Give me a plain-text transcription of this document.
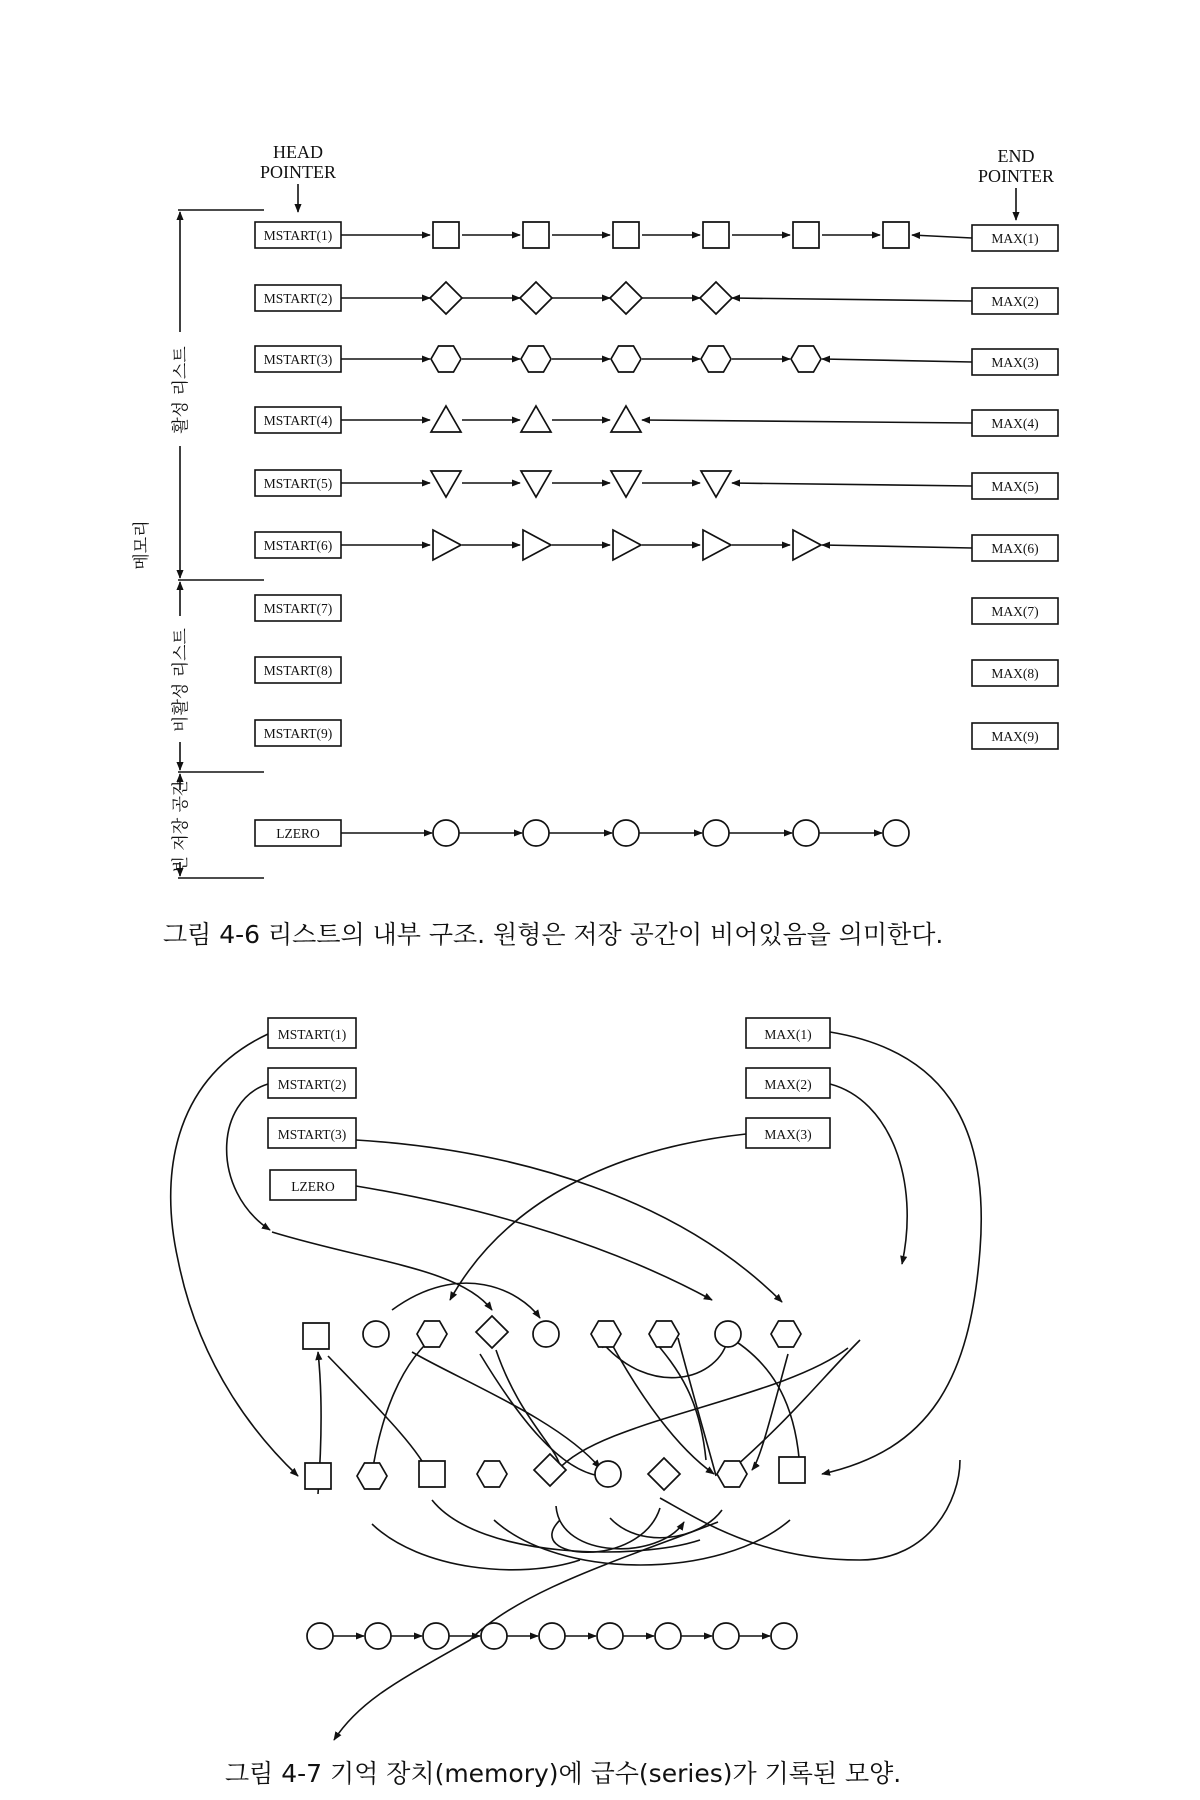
HEAD
POINTER
END
POINTER
MSTART(1)	MAX(1)
MSTART(2)	MAX(2)
MSTART(3)	MAX(3)
MSTART(4)	MAX(4)
MSTART(5)	MAX(5)
MSTART(6)	MAX(6)
MSTART(7)	MAX(7)
MSTART(8)	MAX(8)
MSTART(9)	MAX(9)
LZERO
활성 리스트
비활성 리스트
메모리
빈 저장 공간
그림 4-6 리스트의 내부 구조. 원형은 저장 공간이 비어있음을 의미한다.
MSTART(1)
MSTART(2)
MSTART(3)
LZERO
MAX(1)
MAX(2)
MAX(3)
그림 4-7 기억 장치(memory)에 급수(series)가 기록된 모양.
